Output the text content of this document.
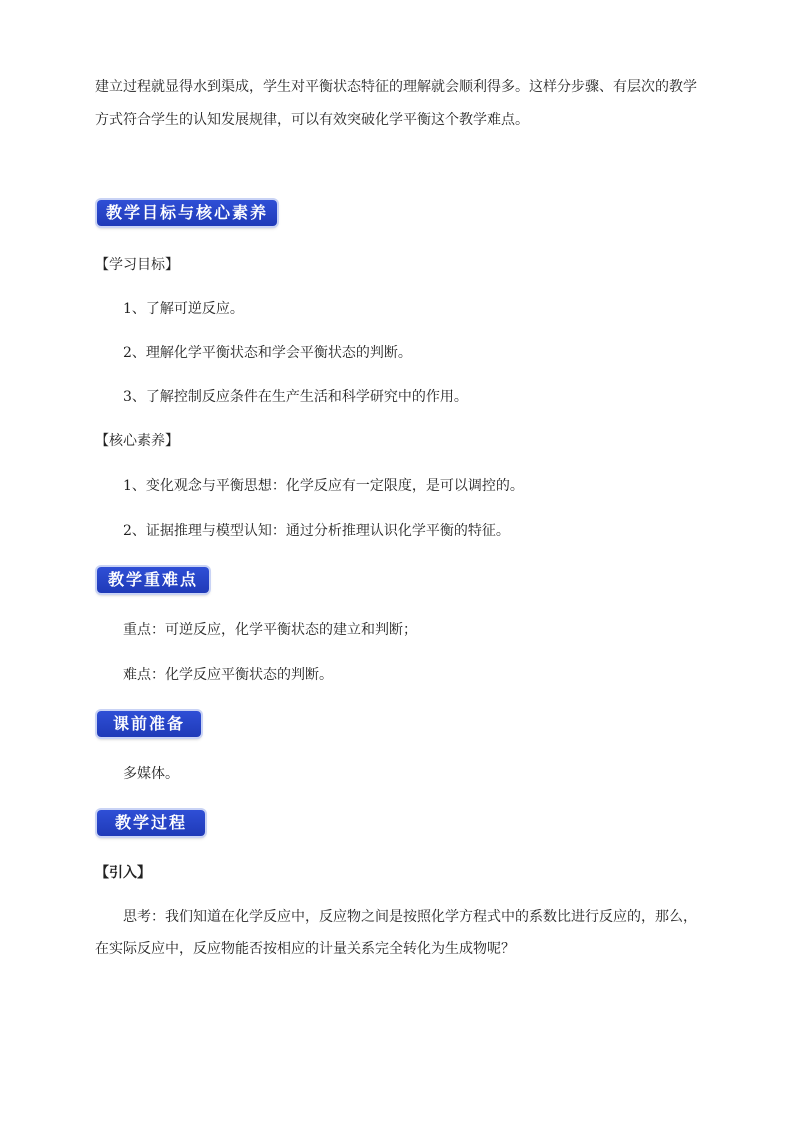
建立过程就显得水到渠成，学生对平衡状态特征的理解就会顺利得多。这样分步骤、有层次的教学

方式符合学生的认知发展规律，可以有效突破化学平衡这个教学难点。

教学目标与核心素养

【学习目标】

1、了解可逆反应。

2、理解化学平衡状态和学会平衡状态的判断。

3、了解控制反应条件在生产生活和科学研究中的作用。

【核心素养】

1、变化观念与平衡思想：化学反应有一定限度，是可以调控的。

2、证据推理与模型认知：通过分析推理认识化学平衡的特征。

教学重难点

重点：可逆反应，化学平衡状态的建立和判断；

难点：化学反应平衡状态的判断。

课前准备

多媒体。

教学过程

【引入】

思考：我们知道在化学反应中，反应物之间是按照化学方程式中的系数比进行反应的，那么，

在实际反应中，反应物能否按相应的计量关系完全转化为生成物呢？
